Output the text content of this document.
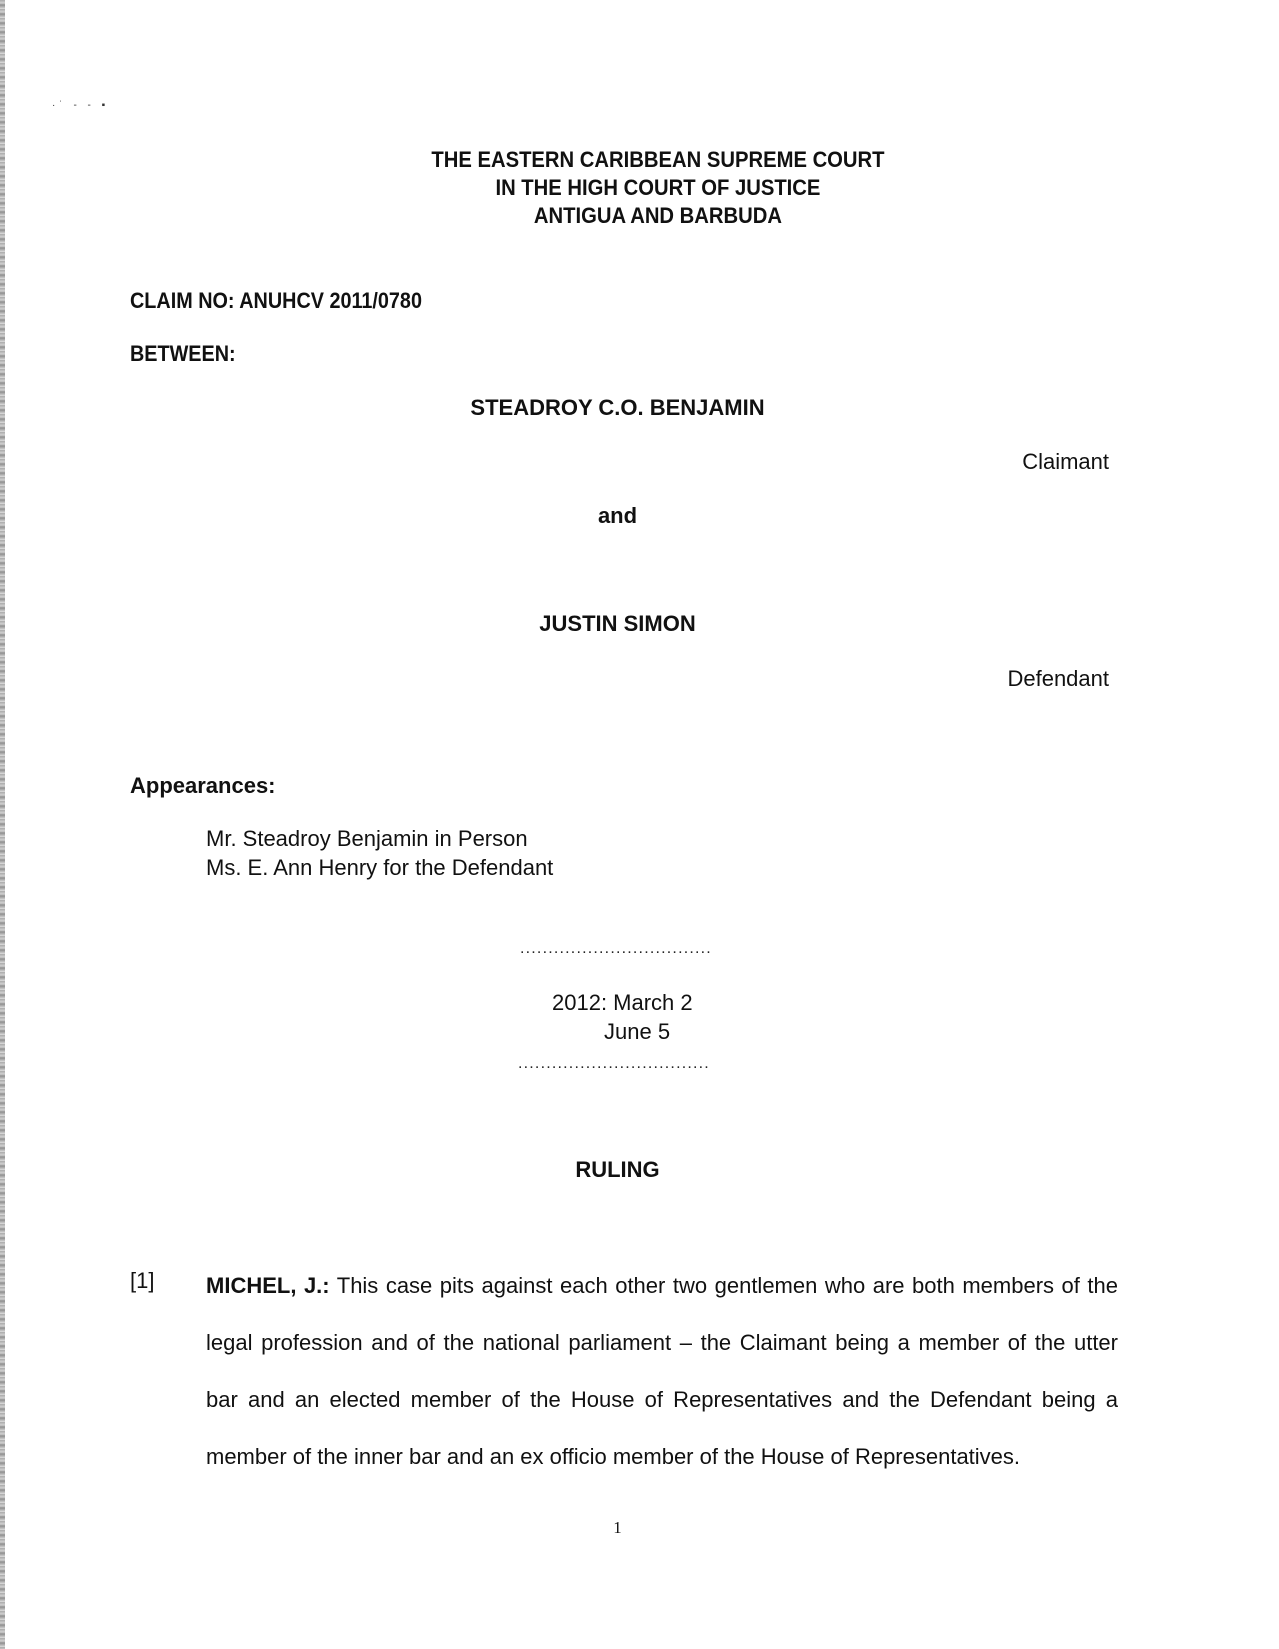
·˙ - - ▪
THE EASTERN CARIBBEAN SUPREME COURT
IN THE HIGH COURT OF JUSTICE
ANTIGUA AND BARBUDA
CLAIM NO: ANUHCV 2011/0780
BETWEEN:
STEADROY C.O. BENJAMIN
Claimant
and
JUSTIN SIMON
Defendant
Appearances:
Mr. Steadroy Benjamin in Person
Ms. E. Ann Henry for the Defendant
..................................
2012: March 2
June 5
..................................
RULING
[1] MICHEL, J.: This case pits against each other two gentlemen who are both members of the legal profession and of the national parliament – the Claimant being a member of the utter bar and an elected member of the House of Representatives and the Defendant being a member of the inner bar and an ex officio member of the House of Representatives.
1
